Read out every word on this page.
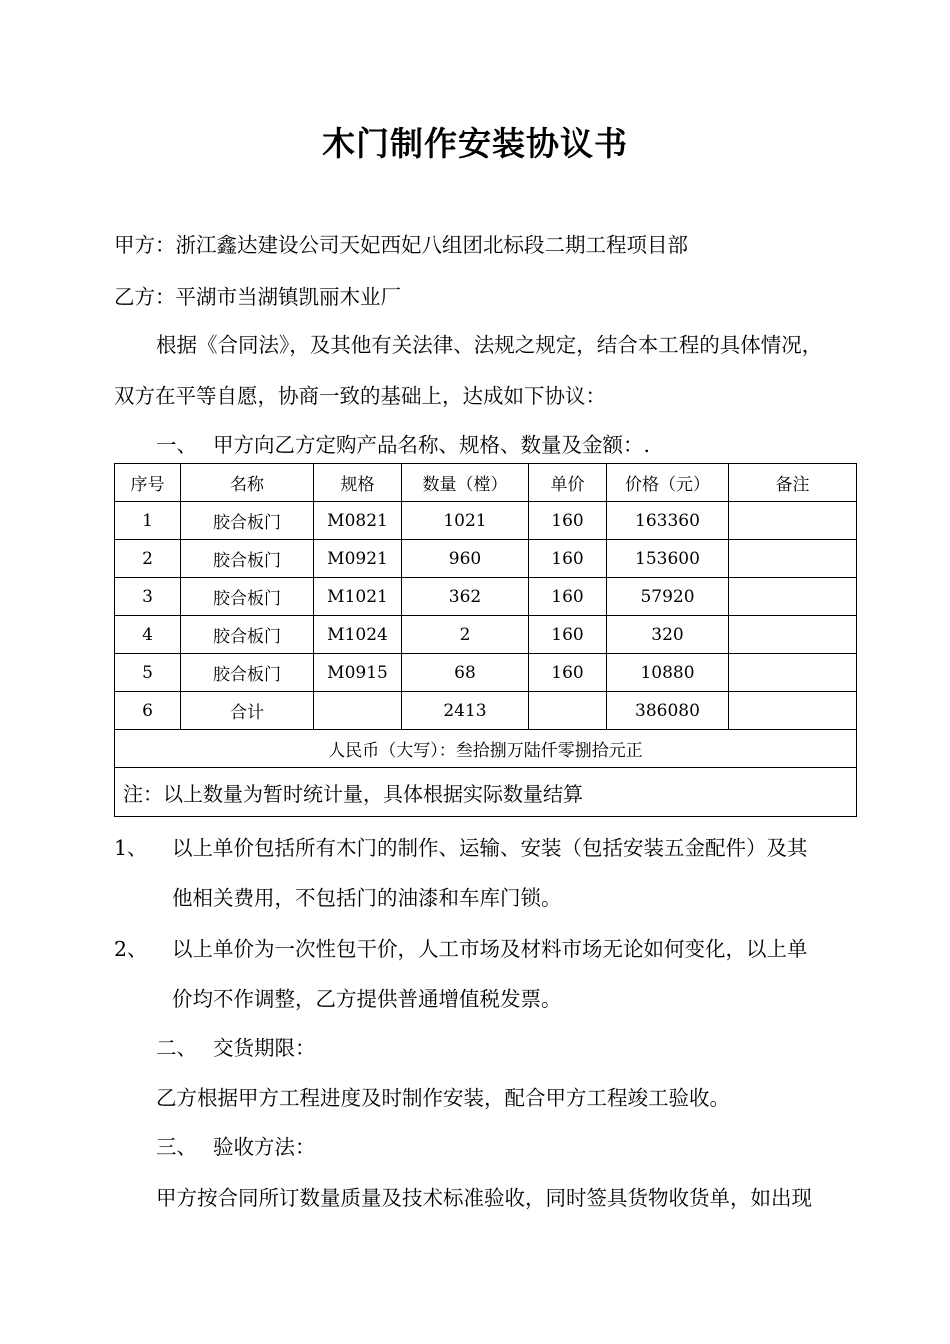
木门制作安装协议书
甲方：浙江鑫达建设公司天妃西妃八组团北标段二期工程项目部
乙方：平湖市当湖镇凯丽木业厂
根据《合同法》，及其他有关法律、法规之规定，结合本工程的具体情况，
双方在平等自愿，协商一致的基础上，达成如下协议：
一、 甲方向乙方定购产品名称、规格、数量及金额：.
序号	名称	规格	数量（樘）	单价	价格（元）	备注
1	胶合板门	M0821	1021	160	163360	
2	胶合板门	M0921	960	160	153600	
3	胶合板门	M1021	362	160	57920	
4	胶合板门	M1024	2	160	320	
5	胶合板门	M0915	68	160	10880	
6	合计		2413		386080	
人民币（大写）：叁拾捌万陆仟零捌拾元正						
注：以上数量为暂时统计量，具体根据实际数量结算						
1、 以上单价包括所有木门的制作、运输、安装（包括安装五金配件）及其
他相关费用，不包括门的油漆和车库门锁。
2、 以上单价为一次性包干价，人工市场及材料市场无论如何变化，以上单
价均不作调整，乙方提供普通增值税发票。
二、 交货期限：
乙方根据甲方工程进度及时制作安装，配合甲方工程竣工验收。
三、 验收方法：
甲方按合同所订数量质量及技术标准验收，同时签具货物收货单，如出现
